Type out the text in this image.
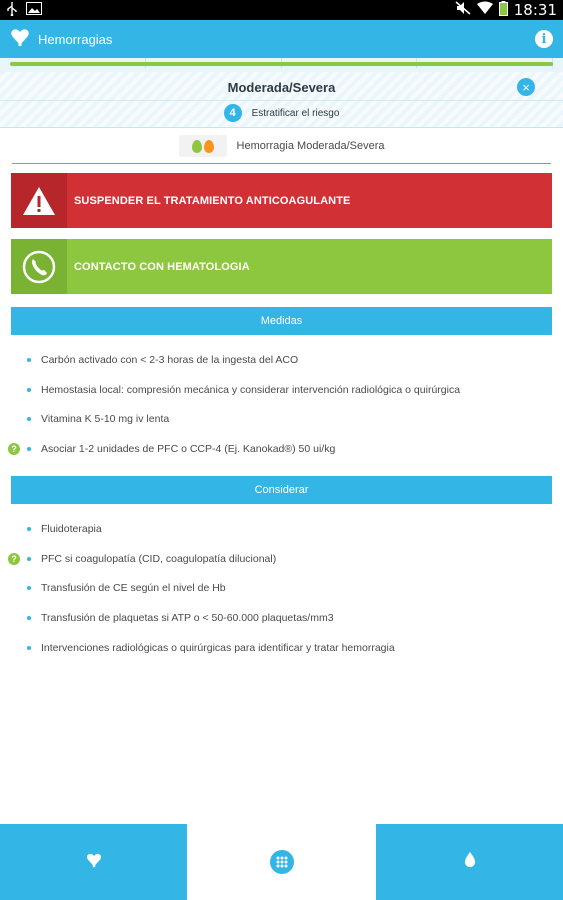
18:31
Hemorragias	i
Moderada/Severa	×
4	Estratificar el riesgo
Hemorragia Moderada/Severa
SUSPENDER EL TRATAMIENTO ANTICOAGULANTE
CONTACTO CON HEMATOLOGIA
Medidas
Carbón activado con < 2-3 horas de la ingesta del ACO
Hemostasia local: compresión mecánica y considerar intervención radiológica o quirúrgica
Vitamina K 5-10 mg iv lenta
?	Asociar 1-2 unidades de PFC o CCP-4 (Ej. Kanokad®) 50 ui/kg
Considerar
Fluidoterapia
?	PFC si coagulopatía (CID, coagulopatía dilucional)
Transfusión de CE según el nivel de Hb
Transfusión de plaquetas si ATP o < 50-60.000 plaquetas/mm3
Intervenciones radiológicas o quirúrgicas para identificar y tratar hemorragia
